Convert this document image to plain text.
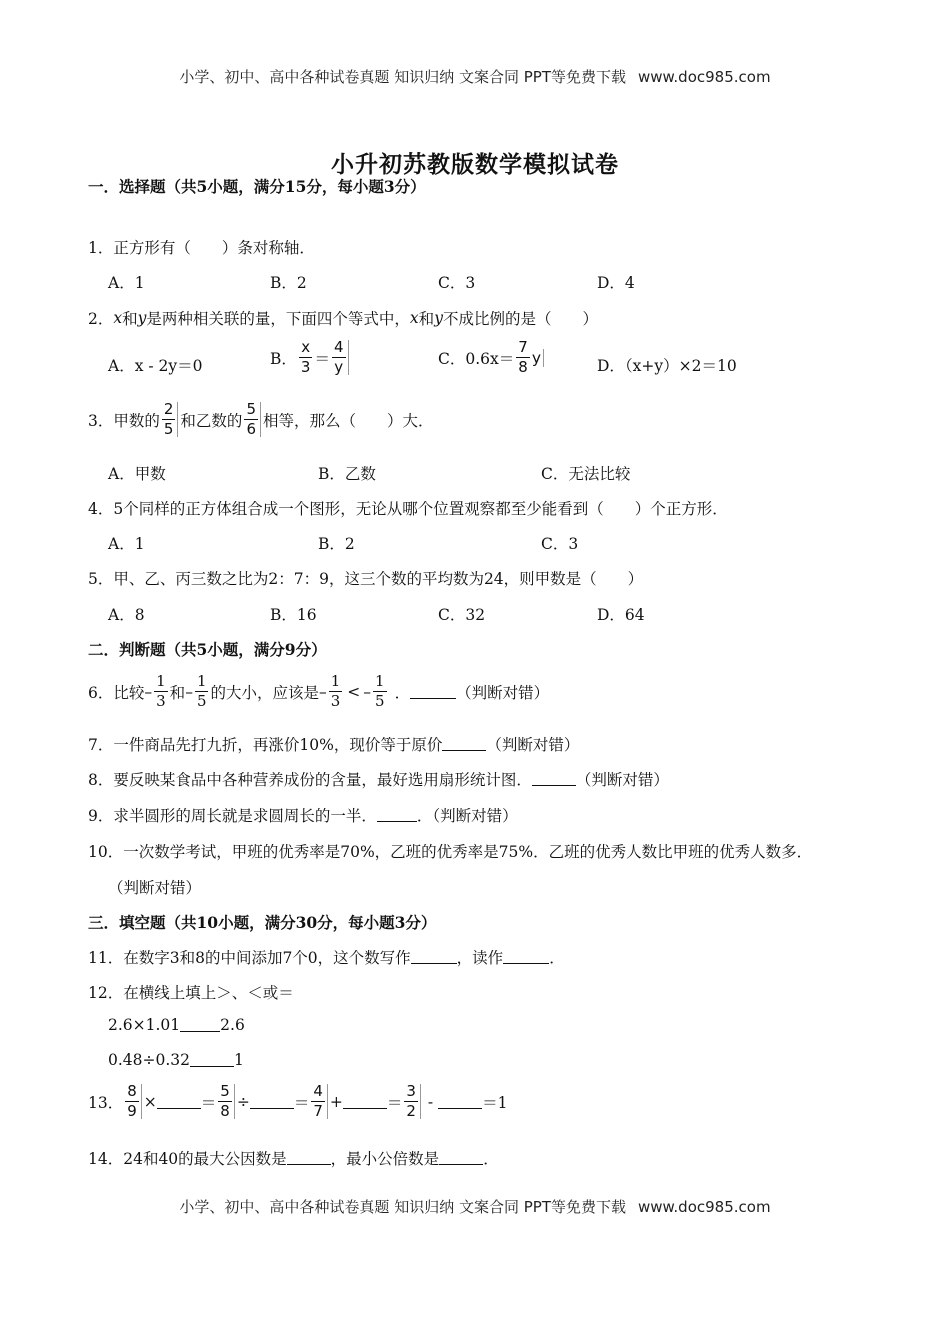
小学、初中、高中各种试卷真题 知识归纳 文案合同 PPT等免费下载 www.doc985.com
小升初苏教版数学模拟试卷
一．选择题（共5小题，满分15分，每小题3分）
1．正方形有（　　）条对称轴．
A．1	B．2	C．3	D．4
2． x 和 y 是两种相关联的量，下面四个等式中， x 和 y 不成比例的是（　　）
A．x - 2y＝0	B． $\frac{x}{3} = \frac{4}{y}$	C．$0.6x= \frac{7}{8}$ y	D．（x+y）×2＝10
3．甲数的 $\frac{2}{5}$ 和乙数的 $\frac{5}{6}$ 相等，那么（　　）大．
A．甲数	B．乙数	C．无法比较
4．5个同样的正方体组合成一个图形，无论从哪个位置观察都至少能看到（　　）个正方形．
A．1	B．2	C．3
5．甲、乙、丙三数之比为2：7：9，这三个数的平均数为24，则甲数是（　　）
A．8	B．16	C．32	D．64
二．判断题（共5小题，满分9分）
6．比较 – $\frac{1}{3}$ 和 – $\frac{1}{5}$ 的大小，应该是 – $\frac{1}{3}$ < – $\frac{1}{5}$ ．	（判断对错）
7．一件商品先打九折，再涨价10%，现价等于原价	（判断对错）
8．要反映某食品中各种营养成份的含量，最好选用扇形统计图．	（判断对错）
9．求半圆形的周长就是求圆周长的一半．	．（判断对错）
10．一次数学考试，甲班的优秀率是70%，乙班的优秀率是75%．乙班的优秀人数比甲班的优秀人数多．
（判断对错）
三．填空题（共10小题，满分30分，每小题3分）
11．在数字3和8的中间添加7个0，这个数写作	，读作	．
12．在横线上填上＞、＜或＝
2.6×1.01	2.6
0.48÷0.32	1
13． $\frac{8}{9}$ ×	＝ $\frac{5}{8}$ ÷	＝ $\frac{4}{7}$ +	＝ $\frac{3}{2}$ -	＝1
14．24和40的最大公因数是	，最小公倍数是	．
小学、初中、高中各种试卷真题 知识归纳 文案合同 PPT等免费下载 www.doc985.com
